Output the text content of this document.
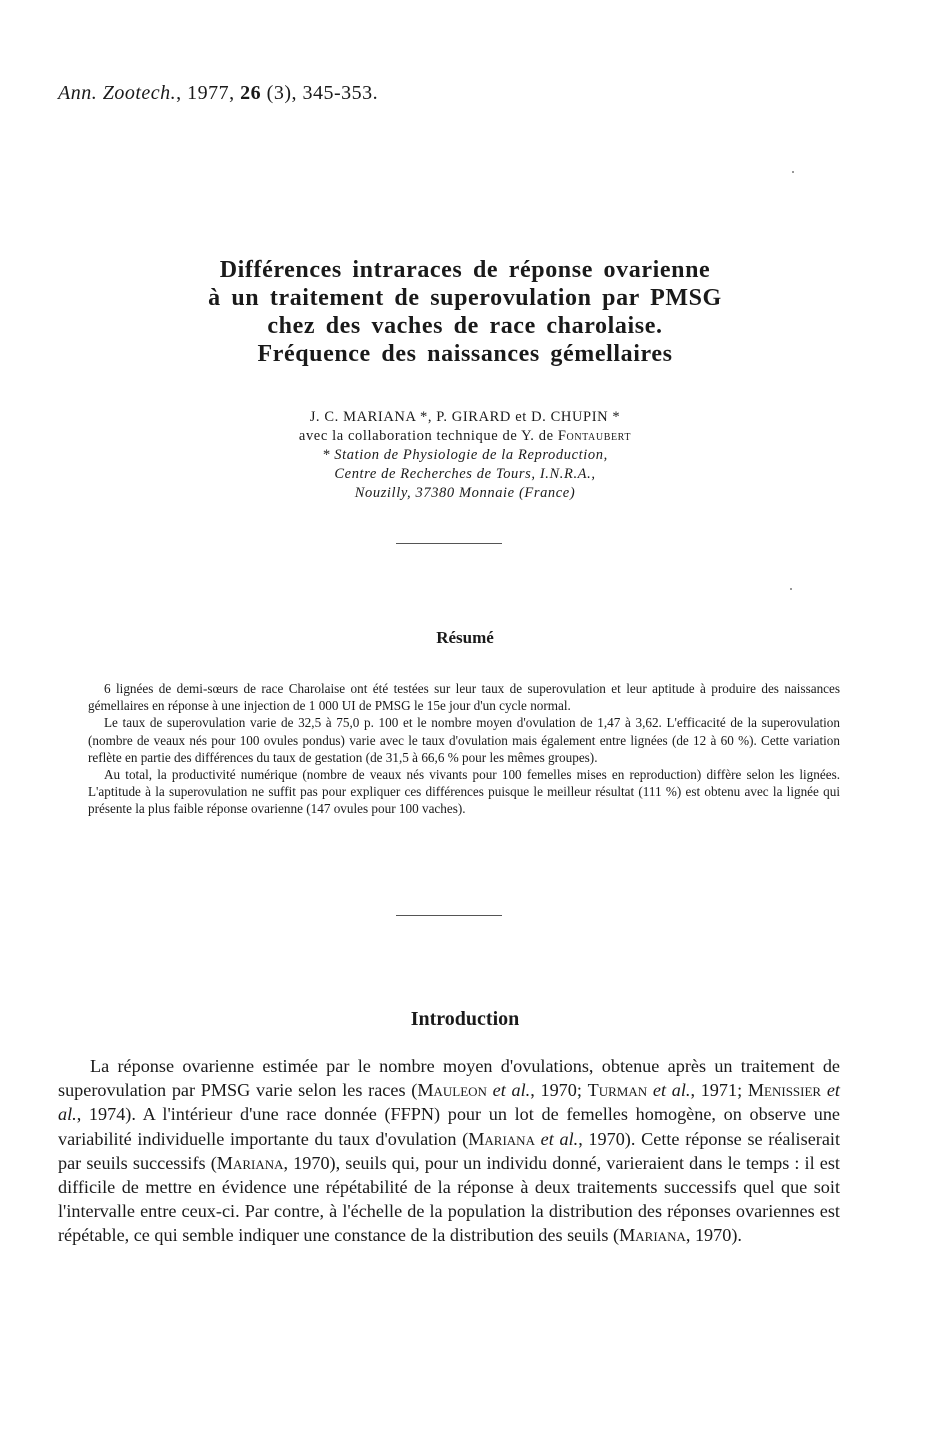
Ann. Zootech., 1977, 26 (3), 345-353.
Différences intraraces de réponse ovarienne
à un traitement de superovulation par PMSG
chez des vaches de race charolaise.
Fréquence des naissances gémellaires
J. C. MARIANA *, P. GIRARD et D. CHUPIN *
avec la collaboration technique de Y. de Fontaubert
* Station de Physiologie de la Reproduction,
Centre de Recherches de Tours, I.N.R.A.,
Nouzilly, 37380 Monnaie (France)
Résumé

6 lignées de demi-sœurs de race Charolaise ont été testées sur leur taux de superovulation et leur aptitude à produire des naissances gémellaires en réponse à une injection de 1 000 UI de PMSG le 15e jour d'un cycle normal.

Le taux de superovulation varie de 32,5 à 75,0 p. 100 et le nombre moyen d'ovulation de 1,47 à 3,62. L'efficacité de la superovulation (nombre de veaux nés pour 100 ovules pondus) varie avec le taux d'ovulation mais également entre lignées (de 12 à 60 %). Cette variation reflète en partie des différences du taux de gestation (de 31,5 à 66,6 % pour les mêmes groupes).

Au total, la productivité numérique (nombre de veaux nés vivants pour 100 femelles mises en reproduction) diffère selon les lignées. L'aptitude à la superovulation ne suffit pas pour expliquer ces différences puisque le meilleur résultat (111 %) est obtenu avec la lignée qui présente la plus faible réponse ovarienne (147 ovules pour 100 vaches).

Introduction

La réponse ovarienne estimée par le nombre moyen d'ovulations, obtenue après un traitement de superovulation par PMSG varie selon les races (Mauleon et al., 1970; Turman et al., 1971; Menissier et al., 1974). A l'intérieur d'une race donnée (FFPN) pour un lot de femelles homogène, on observe une variabilité individuelle importante du taux d'ovulation (Mariana et al., 1970). Cette réponse se réaliserait par seuils successifs (Mariana, 1970), seuils qui, pour un individu donné, varieraient dans le temps : il est difficile de mettre en évidence une répétabilité de la réponse à deux traitements successifs quel que soit l'intervalle entre ceux-ci. Par contre, à l'échelle de la population la distribution des réponses ovariennes est répétable, ce qui semble indiquer une constance de la distribution des seuils (Mariana, 1970).
